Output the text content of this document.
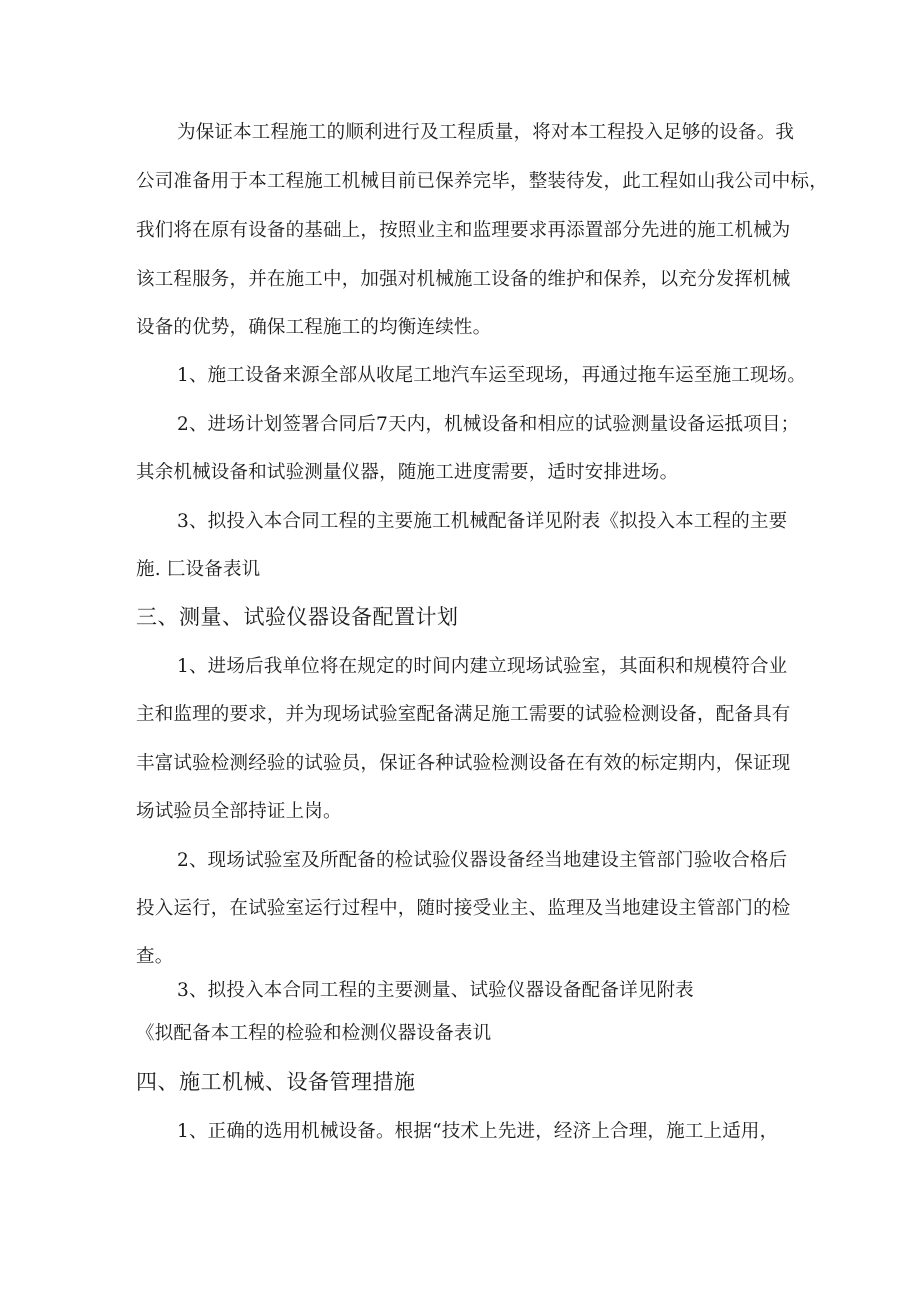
为保证本工程施工的顺利进行及工程质量，将对本工程投入足够的设备。我
公司准备用于本工程施工机械目前已保养完毕，整装待发，此工程如山我公司中标，
我们将在原有设备的基础上，按照业主和监理要求再添置部分先进的施工机械为
该工程服务，并在施工中，加强对机械施工设备的维护和保养，以充分发挥机械
设备的优势，确保工程施工的均衡连续性。
1、施工设备来源全部从收尾工地汽车运至现场，再通过拖车运至施工现场。
2、进场计划签署合同后7天内，机械设备和相应的试验测量设备运抵项目；
其余机械设备和试验测量仪器，随施工进度需要，适时安排进场。
3、拟投入本合同工程的主要施工机械配备详见附表《拟投入本工程的主要
施. 匚设备表讥
三、测量、试验仪器设备配置计划
1、进场后我单位将在规定的时间内建立现场试验室，其面积和规模符合业
主和监理的要求，并为现场试验室配备满足施工需要的试验检测设备，配备具有
丰富试验检测经验的试验员，保证各种试验检测设备在有效的标定期内，保证现
场试验员全部持证上岗。
2、现场试验室及所配备的检试验仪器设备经当地建设主管部门验收合格后
投入运行，在试验室运行过程中，随时接受业主、监理及当地建设主管部门的检
查。
3、拟投入本合同工程的主要测量、试验仪器设备配备详见附表
《拟配备本工程的检验和检测仪器设备表讥
四、施工机械、设备管理措施
1、正确的选用机械设备。根据“技术上先进，经济上合理，施工上适用，
